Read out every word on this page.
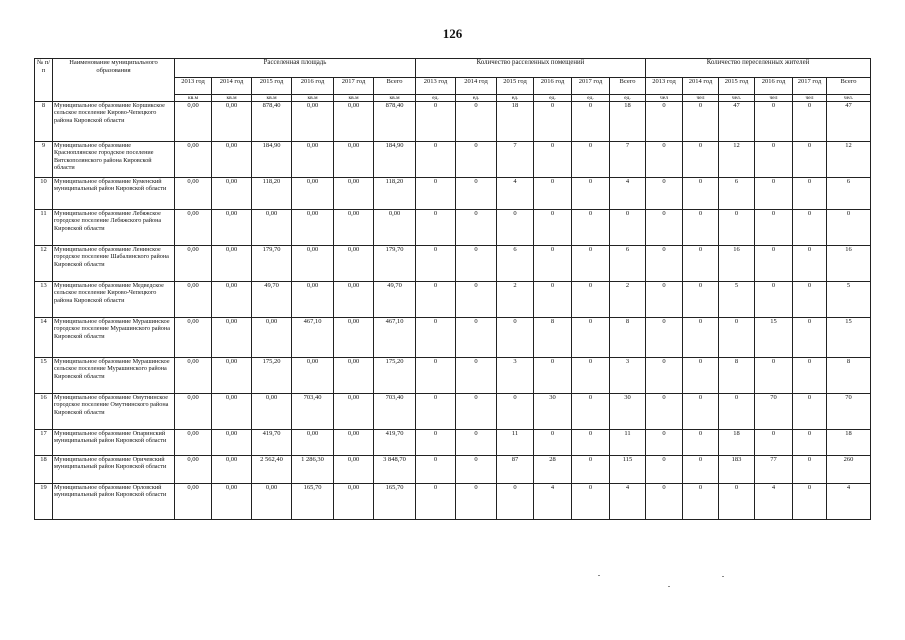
126
№ п/п	Наименование муниципального образования	Расселенная площадь						Количество расселенных помещений						Количество переселенных жителей					
		2013 год	2014 год	2015 год	2016 год	2017 год	Всего	2013 год	2014 год	2015 год	2016 год	2017 год	Всего	2013 год	2014 год	2015 год	2016 год	2017 год	Всего
		кв.м	кв.м	кв.м	кв.м	кв.м	кв.м	ед.	ед.	ед.	ед.	ед.	ед.	чел	чел	чел.	чел	чел	чел.
8	Муниципальное образование Коршикское сельское поселение Кирово-Чепецкого района Кировской области	0,00	0,00	878,40	0,00	0,00	878,40	0	0	18	0	0	18	0	0	47	0	0	47
9	Муниципальное образование Красноплянское городское поселение Вятскополянского района Кировской области	0,00	0,00	184,90	0,00	0,00	184,90	0	0	7	0	0	7	0	0	12	0	0	12
10	Муниципальное образование Куменский муниципальный район Кировской области	0,00	0,00	118,20	0,00	0,00	118,20	0	0	4	0	0	4	0	0	6	0	0	6
11	Муниципальное образование Лебяжское городское поселение Лебяжского района Кировской области	0,00	0,00	0,00	0,00	0,00	0,00	0	0	0	0	0	0	0	0	0	0	0	0
12	Муниципальное образование Ленинское городское поселение Шабалинского района Кировской области	0,00	0,00	179,70	0,00	0,00	179,70	0	0	6	0	0	6	0	0	16	0	0	16
13	Муниципальное образование Медведское сельское поселение Кирово-Чепецкого района Кировской области	0,00	0,00	49,70	0,00	0,00	49,70	0	0	2	0	0	2	0	0	5	0	0	5
14	Муниципальное образование Мурашинское городское поселение Мурашинского района Кировской области	0,00	0,00	0,00	467,10	0,00	467,10	0	0	0	8	0	8	0	0	0	15	0	15
15	Муниципальное образование Мурашинское сельское поселение Мурашинского района Кировской области	0,00	0,00	175,20	0,00	0,00	175,20	0	0	3	0	0	3	0	0	8	0	0	8
16	Муниципальное образование Омутнинское городское поселение Омутнинского района Кировской области	0,00	0,00	0,00	703,40	0,00	703,40	0	0	0	30	0	30	0	0	0	70	0	70
17	Муниципальное образование Опаринский муниципальный район Кировской области	0,00	0,00	419,70	0,00	0,00	419,70	0	0	11	0	0	11	0	0	18	0	0	18
18	Муниципальное образование Оричевский муниципальный район Кировской области	0,00	0,00	2 562,40	1 286,30	0,00	3 848,70	0	0	87	28	0	115	0	0	183	77	0	260
19	Муниципальное образование Орловский муниципальный район Кировской области	0,00	0,00	0,00	165,70	0,00	165,70	0	0	0	4	0	4	0	0	0	4	0	4
